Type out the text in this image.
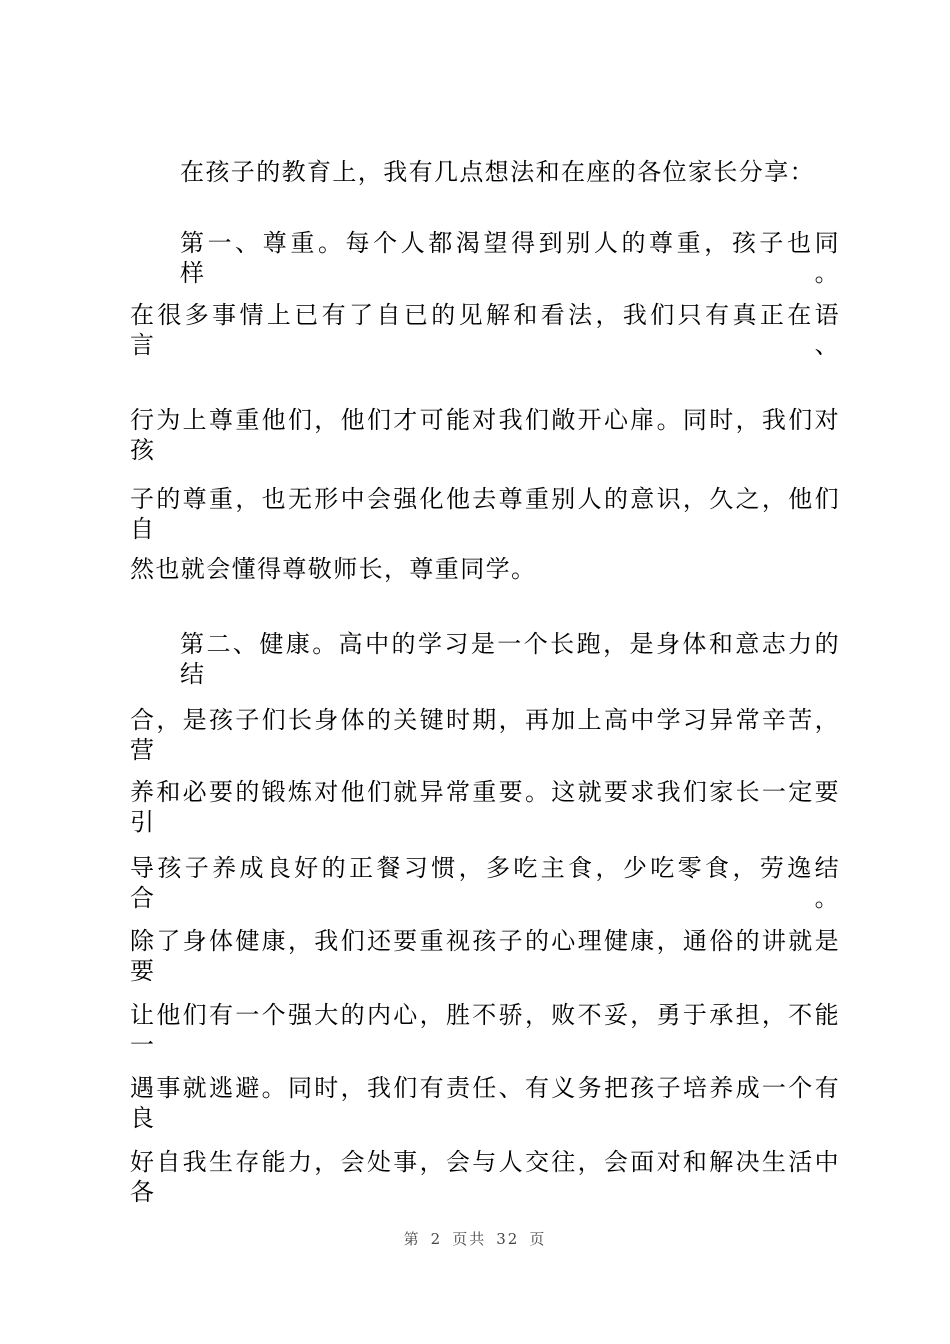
在孩子的教育上，我有几点想法和在座的各位家长分享：
第一、尊重。每个人都渴望得到别人的尊重，孩子也同样。
在很多事情上已有了自已的见解和看法，我们只有真正在语言、
行为上尊重他们，他们才可能对我们敞开心扉。同时，我们对孩
子的尊重，也无形中会强化他去尊重别人的意识，久之，他们自
然也就会懂得尊敬师长，尊重同学。
第二、健康。高中的学习是一个长跑，是身体和意志力的结
合，是孩子们长身体的关键时期，再加上高中学习异常辛苦，营
养和必要的锻炼对他们就异常重要。这就要求我们家长一定要引
导孩子养成良好的正餐习惯，多吃主食，少吃零食，劳逸结合。
除了身体健康，我们还要重视孩子的心理健康，通俗的讲就是要
让他们有一个强大的内心，胜不骄，败不妥，勇于承担，不能一
遇事就逃避。同时，我们有责任、有义务把孩子培养成一个有良
好自我生存能力，会处事，会与人交往，会面对和解决生活中各
第 2 页共 32 页
